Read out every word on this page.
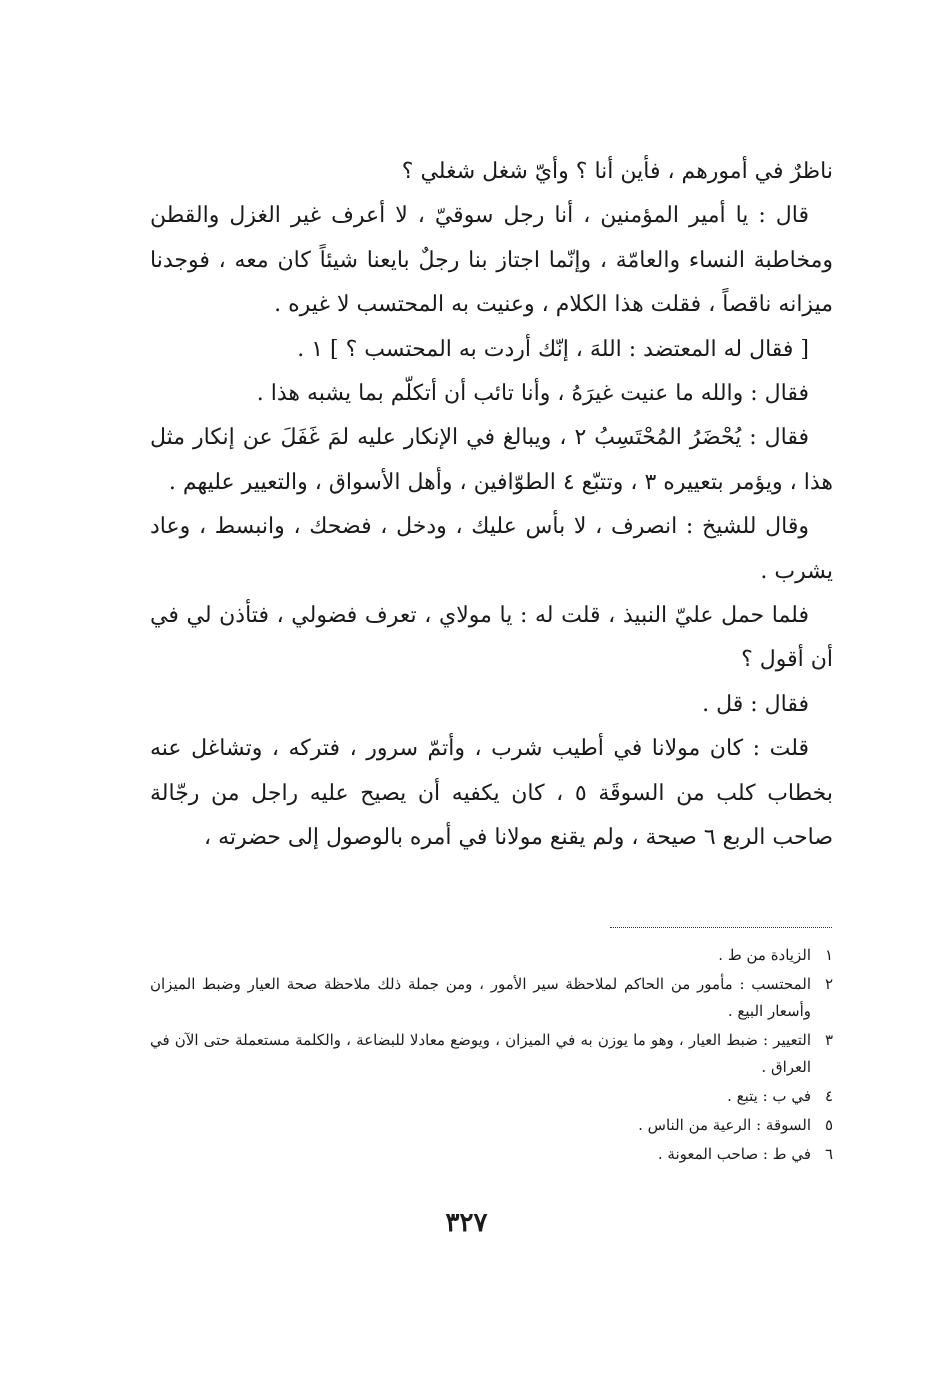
ناظرٌ في أمورهم ، فأين أنا ؟ وأيّ شغل شغلي ؟

قال : يا أمير المؤمنين ، أنا رجل سوقيّ ، لا أعرف غير الغزل والقطن ومخاطبة النساء والعامّة ، وإنّما اجتاز بنا رجلٌ بايعنا شيئاً كان معه ، فوجدنا ميزانه ناقصاً ، فقلت هذا الكلام ، وعنيت به المحتسب لا غيره .

[ فقال له المعتضد : اللهَ ، إنّك أردت به المحتسب ؟ ] ١ .

فقال : والله ما عنيت غيرَهُ ، وأنا تائب أن أتكلّم بما يشبه هذا .

فقال : يُحْضَرُ المُحْتَسِبُ ٢ ، ويبالغ في الإنكار عليه لمَ غَفَلَ عن إنكار مثل هذا ، ويؤمر بتعييره ٣ ، وتتبّع ٤ الطوّافين ، وأهل الأسواق ، والتعيير عليهم .

وقال للشيخ : انصرف ، لا بأس عليك ، ودخل ، فضحك ، وانبسط ، وعاد يشرب .

فلما حمل عليّ النبيذ ، قلت له : يا مولاي ، تعرف فضولي ، فتأذن لي في أن أقول ؟

فقال : قل .

قلت : كان مولانا في أطيب شرب ، وأتمّ سرور ، فتركه ، وتشاغل عنه بخطاب كلب من السوقَة ٥ ، كان يكفيه أن يصيح عليه راجل من رجّالة صاحب الربع ٦ صيحة ، ولم يقنع مولانا في أمره بالوصول إلى حضرته ،

١
الزيادة من ط .
٢
المحتسب : مأمور من الحاكم لملاحظة سير الأمور ، ومن جملة ذلك ملاحظة صحة العيار وضبط الميزان وأسعار البيع .
٣
التعيير : ضبط العيار ، وهو ما يوزن به في الميزان ، ويوضع معادلا للبضاعة ، والكلمة مستعملة حتى الآن في العراق .
٤
في ب : يتبع .
٥
السوقة : الرعية من الناس .
٦
في ط : صاحب المعونة .
٣٢٧
